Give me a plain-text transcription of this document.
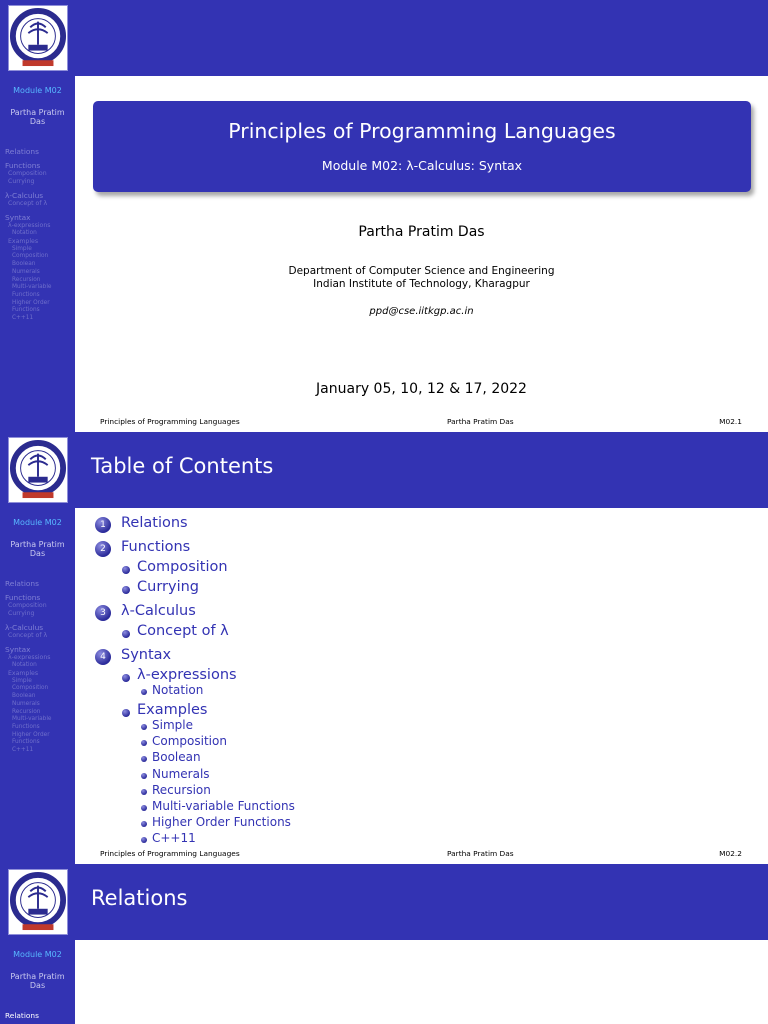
Module M02
Partha Pratim
Das
Relations
Functions
Composition
Currying
λ-Calculus
Concept of λ
Syntax
λ-expressions
Notation
Examples
Simple
Composition
Boolean
Numerals
Recursion
Multi-variable Functions
Higher Order Functions
C++11
Principles of Programming Languages
Module M02: λ-Calculus: Syntax
Partha Pratim Das
Department of Computer Science and Engineering
Indian Institute of Technology, Kharagpur
ppd@cse.iitkgp.ac.in
January 05, 10, 12 & 17, 2022
Principles of Programming Languages	Partha Pratim Das	M02.1
Module M02
Partha Pratim
Das
Relations
Functions
Composition
Currying
λ-Calculus
Concept of λ
Syntax
λ-expressions
Notation
Examples
Simple
Composition
Boolean
Numerals
Recursion
Multi-variable Functions
Higher Order Functions
C++11
Table of Contents
1	Relations
2	Functions
Composition
Currying
3	λ-Calculus
Concept of λ
4	Syntax
λ-expressions
Notation
Examples
Simple
Composition
Boolean
Numerals
Recursion
Multi-variable Functions
Higher Order Functions
C++11
Principles of Programming Languages	Partha Pratim Das	M02.2
Module M02
Partha Pratim
Das
Relations
Relations
